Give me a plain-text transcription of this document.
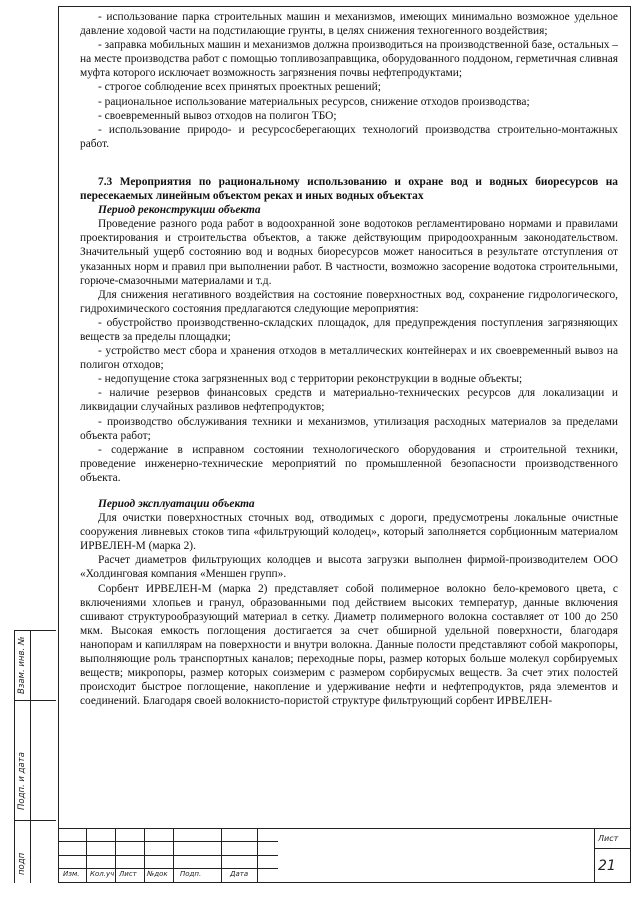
- использование парка строительных машин и механизмов, имеющих минимально возможное удельное давление ходовой части на подстилающие грунты, в целях снижения техногенного воздействия;

- заправка мобильных машин и механизмов должна производиться на производственной базе, остальных – на месте производства работ с помощью топливозаправщика, оборудованного поддоном, герметичная сливная муфта которого исключает возможность загрязнения почвы нефтепродуктами;

- строгое соблюдение всех принятых проектных решений;

- рациональное использование материальных ресурсов, снижение отходов производства;

- своевременный вывоз отходов на полигон ТБО;

- использование природо- и ресурсосберегающих технологий производства строительно-монтажных работ.

7.3 Мероприятия по рациональному использованию и охране вод и водных биоресурсов на пересекаемых линейным объектом реках и иных водных объектах

Период реконструкции объекта

Проведение разного рода работ в водоохранной зоне водотоков регламентировано нормами и правилами проектирования и строительства объектов, а также действующим природоохранным законодательством. Значительный ущерб состоянию вод и водных биоресурсов может наноситься в результате отступления от указанных норм и правил при выполнении работ. В частности, возможно засорение водотока строительными, горюче-смазочными материалами и т.д.

Для снижения негативного воздействия на состояние поверхностных вод, сохранение гидрологического, гидрохимического состояния предлагаются следующие мероприятия:

- обустройство производственно-складских площадок, для предупреждения поступления загрязняющих веществ за пределы площадки;

- устройство мест сбора и хранения отходов в металлических контейнерах и их своевременный вывоз на полигон отходов;

- недопущение стока загрязненных вод с территории реконструкции в водные объекты;

- наличие резервов финансовых средств и материально-технических ресурсов для локализации и ликвидации случайных разливов нефтепродуктов;

- производство обслуживания техники и механизмов, утилизация расходных материалов за пределами объекта работ;

- содержание в исправном состоянии технологического оборудования и строительной техники, проведение инженерно-технические мероприятий по промышленной безопасности производственного объекта.

Период эксплуатации объекта

Для очистки поверхностных сточных вод, отводимых с дороги, предусмотрены локальные очистные сооружения ливневых стоков типа «фильтрующий колодец», который заполняется сорбционным материалом ИРВЕЛЕН-М (марка 2).

Расчет диаметров фильтрующих колодцев и высота загрузки выполнен фирмой-производителем ООО «Холдинговая компания «Меншен групп».

Сорбент ИРВЕЛЕН-М (марка 2) представляет собой полимерное волокно бело-кремового цвета, с включениями хлопьев и гранул, образованными под действием высоких температур, данные включения сшивают структурообразующий материал в сетку. Диаметр полимерного волокна составляет от 100 до 250 мкм. Высокая емкость поглощения достигается за счет обширной удельной поверхности, благодаря нанопорам и капиллярам на поверхности и внутри волокна. Данные полости представляют собой макропоры, выполняющие роль транспортных каналов; переходные поры, размер которых больше молекул сорбируемых веществ; микропоры, размер которых соизмерим с размером сорбирусмых веществ. За счет этих полостей происходит быстрое поглощение, накопление и удерживание нефти и нефтепродуктов, ряда элементов и соединений. Благодаря своей волокнисто-пористой структуре фильтрующий сорбент ИРВЕЛЕН-

Взам. инв. №
Подп. и дата
подп	Изм. Кол.уч Лист №док Подп.	Дата
Лист
21
